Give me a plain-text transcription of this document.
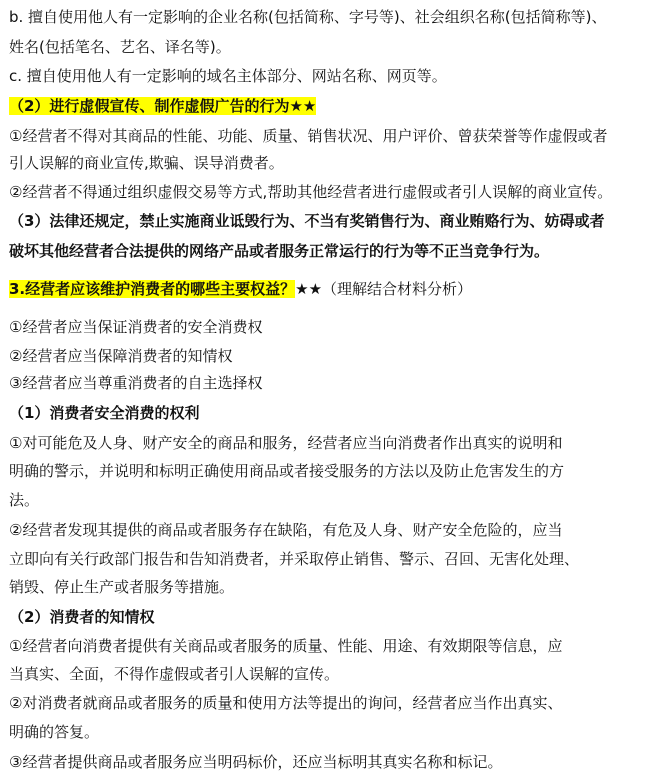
b. 擅自使用他人有一定影响的企业名称(包括简称、字号等)、社会组织名称(包括简称等)、
姓名(包括笔名、艺名、译名等)。
c. 擅自使用他人有一定影响的域名主体部分、网站名称、网页等。
（2）进行虚假宣传、制作虚假广告的行为★★
①经营者不得对其商品的性能、功能、质量、销售状况、用户评价、曾获荣誉等作虚假或者
引人误解的商业宣传,欺骗、误导消费者。
②经营者不得通过组织虚假交易等方式,帮助其他经营者进行虚假或者引人误解的商业宣传。
（3）法律还规定，禁止实施商业诋毁行为、不当有奖销售行为、商业贿赂行为、妨碍或者
破坏其他经营者合法提供的网络产品或者服务正常运行的行为等不正当竞争行为。
3.经营者应该维护消费者的哪些主要权益？★★（理解结合材料分析）
①经营者应当保证消费者的安全消费权
②经营者应当保障消费者的知情权
③经营者应当尊重消费者的自主选择权
（1）消费者安全消费的权利
①对可能危及人身、财产安全的商品和服务，经营者应当向消费者作出真实的说明和
明确的警示，并说明和标明正确使用商品或者接受服务的方法以及防止危害发生的方
法。
②经营者发现其提供的商品或者服务存在缺陷，有危及人身、财产安全危险的，应当
立即向有关行政部门报告和告知消费者，并采取停止销售、警示、召回、无害化处理、
销毁、停止生产或者服务等措施。
（2）消费者的知情权
①经营者向消费者提供有关商品或者服务的质量、性能、用途、有效期限等信息，应
当真实、全面，不得作虚假或者引人误解的宣传。
②对消费者就商品或者服务的质量和使用方法等提出的询问，经营者应当作出真实、
明确的答复。
③经营者提供商品或者服务应当明码标价，还应当标明其真实名称和标记。
